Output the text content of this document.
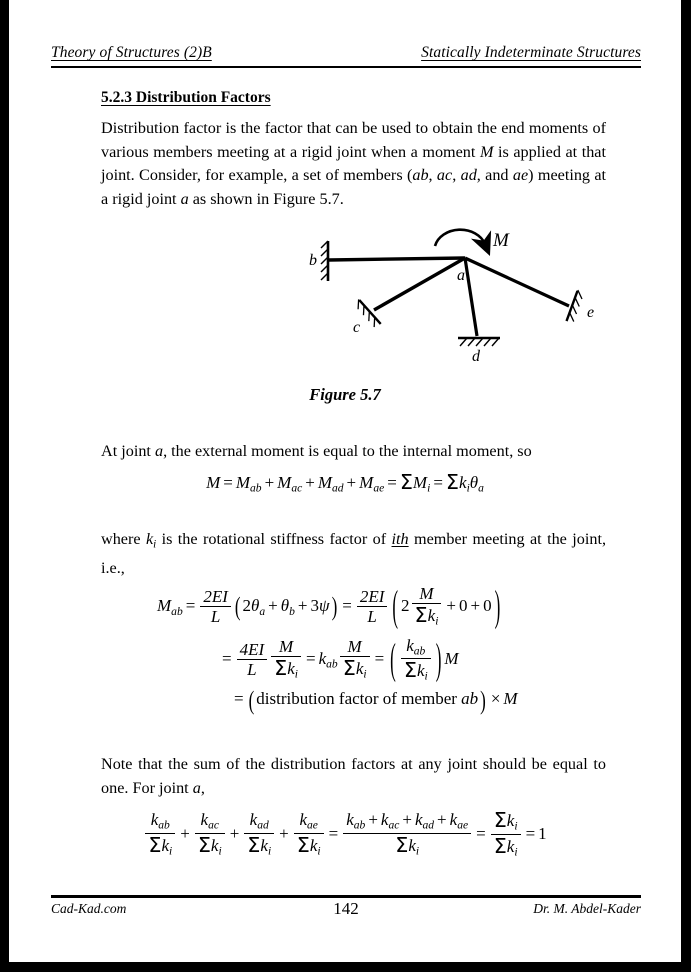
Theory of Structures (2)B	Statically Indeterminate Structures
5.2.3 Distribution Factors
Distribution factor is the factor that can be used to obtain the end moments of various members meeting at a rigid joint when a moment M is applied at that joint. Consider, for example, a set of members (ab, ac, ad, and ae) meeting at a rigid joint a as shown in Figure 5.7.
b
c
d
e
a
M
Figure 5.7
At joint a, the external moment is equal to the internal moment, so
$M = M_{ab} + M_{ac} + M_{ad} + M_{ae} = \Sigma M_i = \Sigma k_i\theta_a$
where $k_i$ is the rotational stiffness factor of ith member meeting at the joint, i.e.,
$M_{ab} = \frac{2EI}{L}$ ( $2\theta_a + \theta_b + 3\psi$ ) = $\frac{2EI}{L}$ ( $2 \frac{M}{\Sigma k_i} + 0 + 0$ )
= $\frac{4EI}{L} \frac{M}{\Sigma k_i} = k_{ab} \frac{M}{\Sigma k_i}$ = ( $\frac{k_{ab}}{\Sigma k_i}$ ) M
= ( distribution factor of member ab ) × M
Note that the sum of the distribution factors at any joint should be equal to one. For joint a,
$\frac{k_{ab}}{\Sigma k_i} + \frac{k_{ac}}{\Sigma k_i} + \frac{k_{ad}}{\Sigma k_i} + \frac{k_{ae}}{\Sigma k_i} = \frac{k_{ab} + k_{ac} + k_{ad} + k_{ae}}{\Sigma k_i} = \frac{\Sigma k_i}{\Sigma k_i} = 1$
Cad-Kad.com	142	Dr. M. Abdel-Kader
